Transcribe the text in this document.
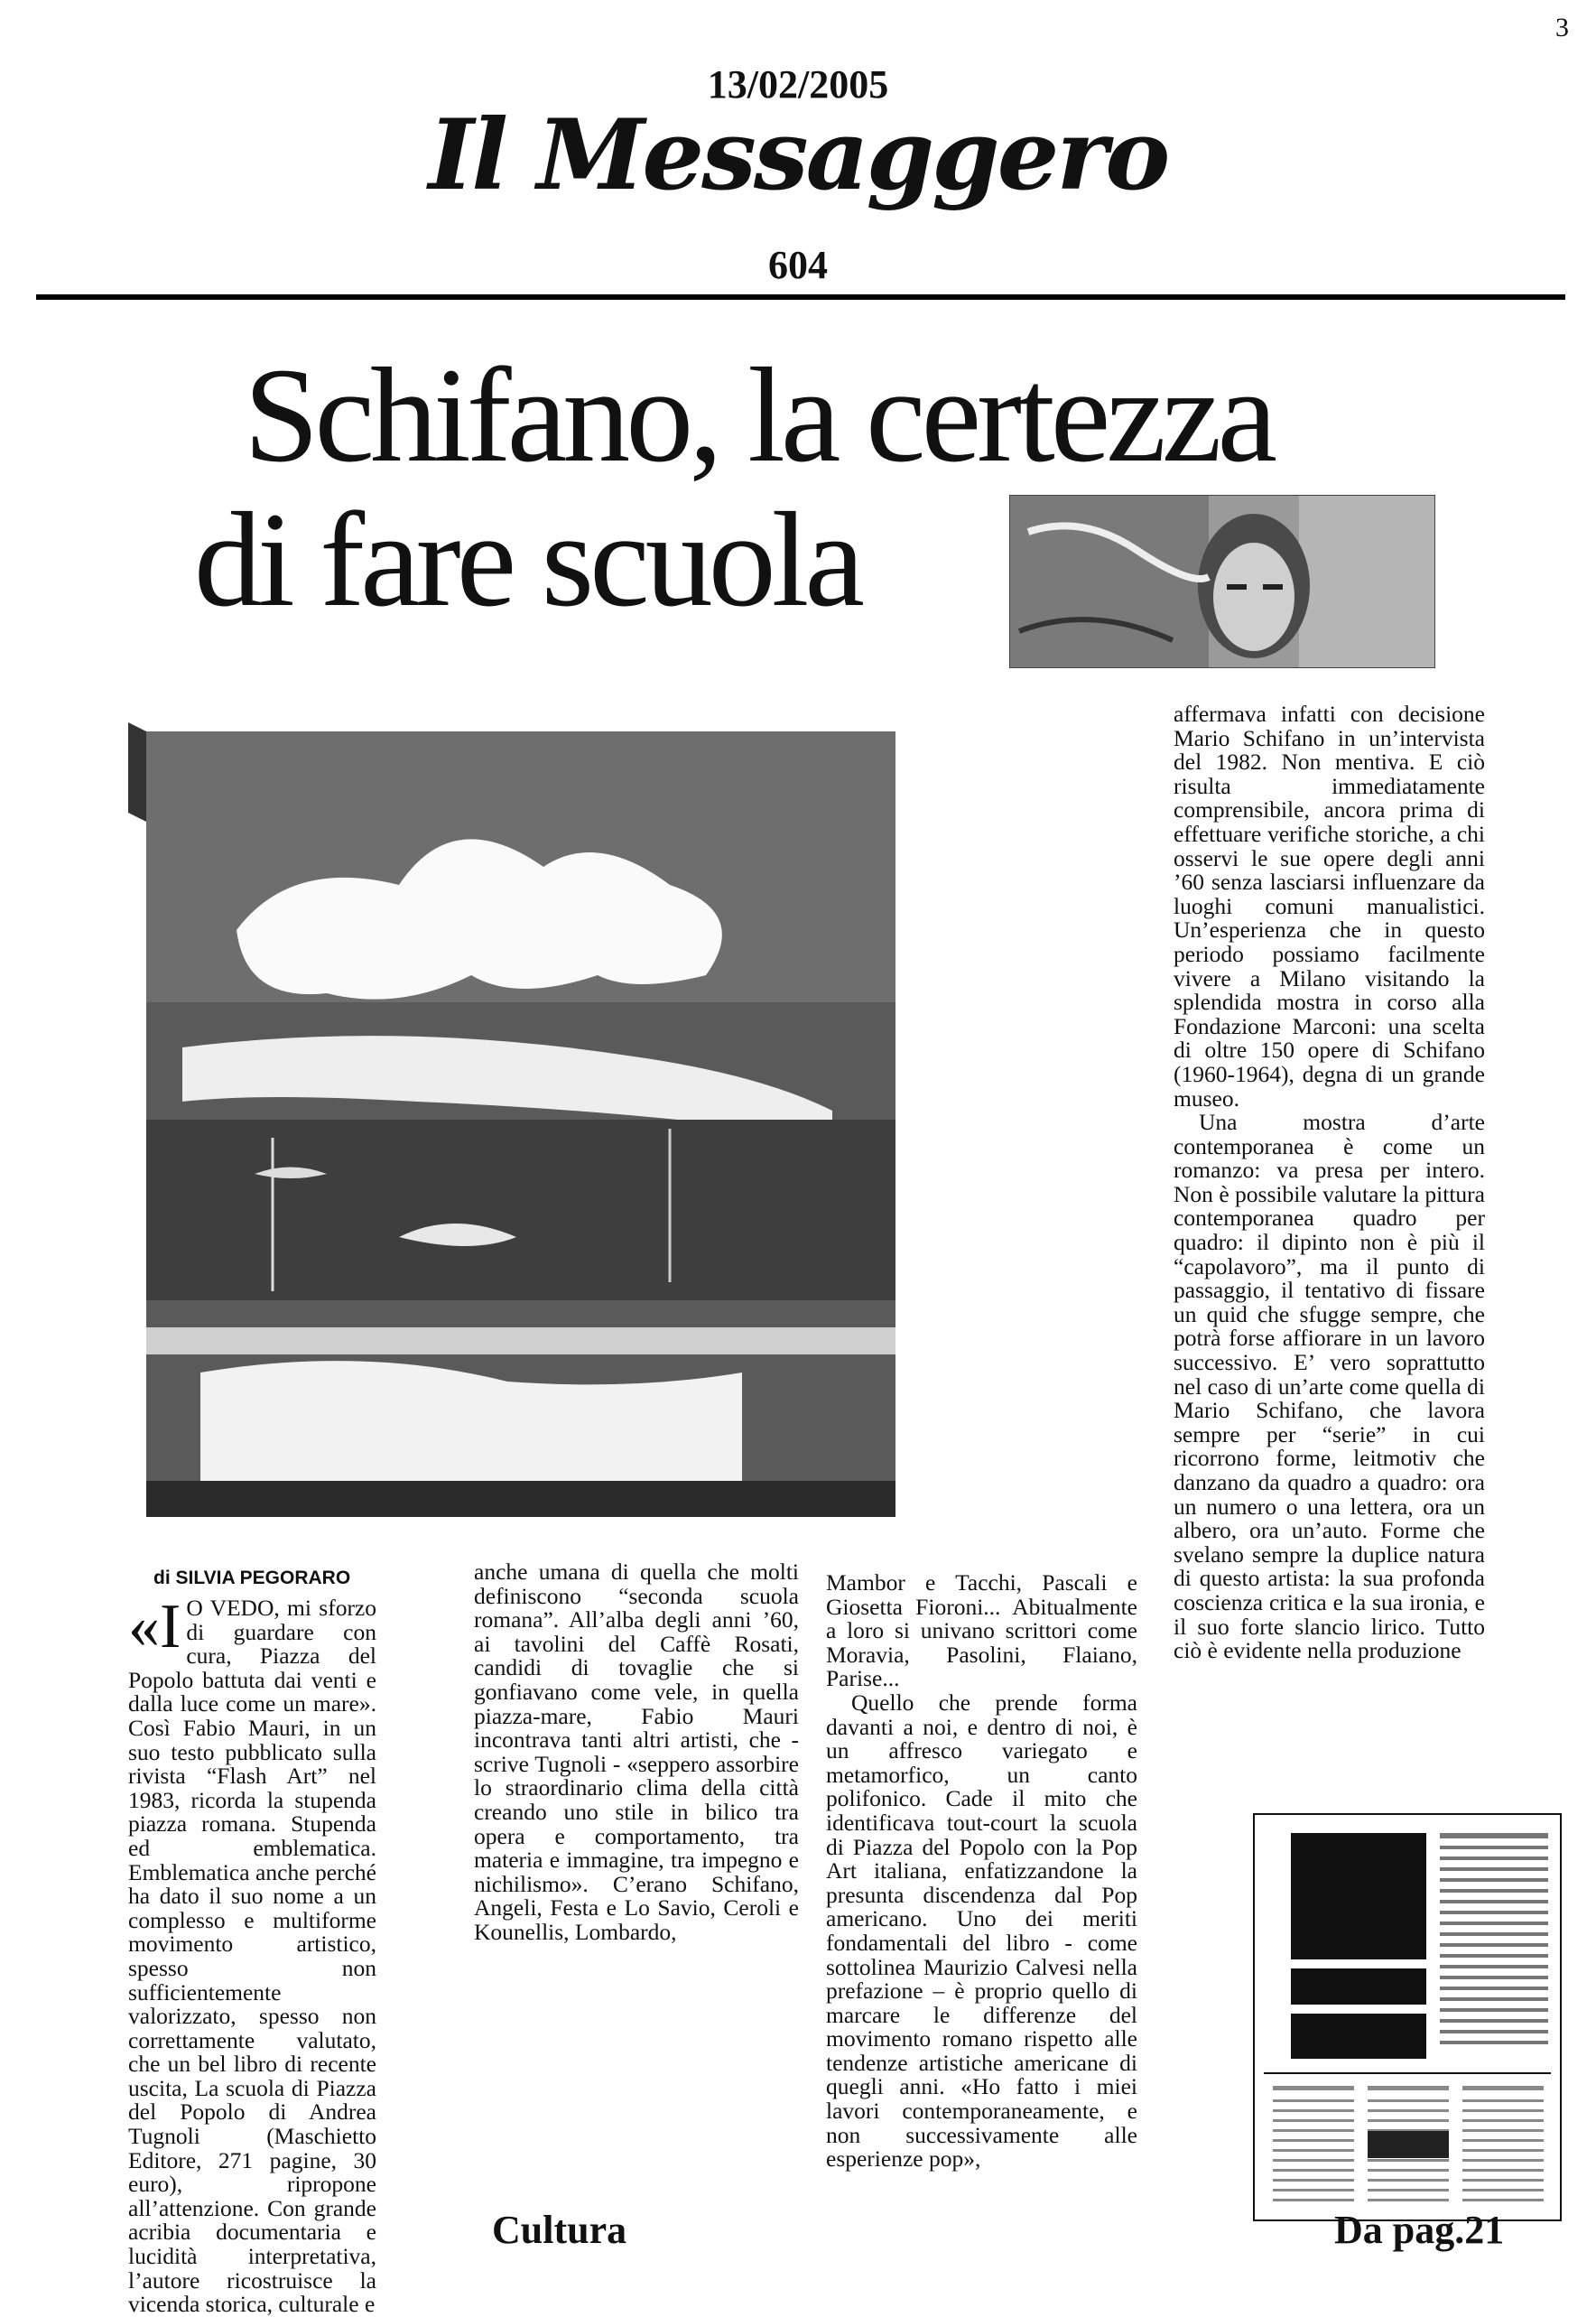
3
13/02/2005
Il Messaggero
604
Schifano, la certezza
di fare scuola
di SILVIA PEGORARO

«I O VEDO, mi sforzo di guardare con cura, Piazza del Popolo battuta dai venti e dalla luce come un mare». Così Fabio Mauri, in un suo testo pubblicato sulla rivista “Flash Art” nel 1983, ricorda la stupenda piazza romana. Stupenda ed emblematica. Emblematica anche perché ha dato il suo nome a un complesso e multiforme movimento artistico, spesso non sufficientemente valorizzato, spesso non correttamente valutato, che un bel libro di recente uscita, La scuola di Piazza del Popolo di Andrea Tugnoli (Maschietto Editore, 271 pagine, 30 euro), ripropone all’attenzione. Con grande acribia documentaria e lucidità interpretativa, l’autore ricostruisce la vicenda storica, culturale e

anche umana di quella che molti definiscono “seconda scuola romana”. All’alba degli anni ’60, ai tavolini del Caffè Rosati, candidi di tovaglie che si gonfiavano come vele, in quella piazza-mare, Fabio Mauri incontrava tanti altri artisti, che - scrive Tugnoli - «seppero assorbire lo straordinario clima della città creando uno stile in bilico tra opera e comportamento, tra materia e immagine, tra impegno e nichilismo». C’erano Schifano, Angeli, Festa e Lo Savio, Ceroli e Kounellis, Lombardo,

Mambor e Tacchi, Pascali e Giosetta Fioroni... Abitualmente a loro si univano scrittori come Moravia, Pasolini, Flaiano, Parise...

Quello che prende forma davanti a noi, e dentro di noi, è un affresco variegato e metamorfico, un canto polifonico. Cade il mito che identificava tout-court la scuola di Piazza del Popolo con la Pop Art italiana, enfatizzandone la presunta discendenza dal Pop americano. Uno dei meriti fondamentali del libro - come sottolinea Maurizio Calvesi nella prefazione – è proprio quello di marcare le differenze del movimento romano rispetto alle tendenze artistiche americane di quegli anni. «Ho fatto i miei lavori contemporaneamente, e non successivamente alle esperienze pop»,

affermava infatti con decisione Mario Schifano in un’intervista del 1982. Non mentiva. E ciò risulta immediatamente comprensibile, ancora prima di effettuare verifiche storiche, a chi osservi le sue opere degli anni ’60 senza lasciarsi influenzare da luoghi comuni manualistici. Un’esperienza che in questo periodo possiamo facilmente vivere a Milano visitando la splendida mostra in corso alla Fondazione Marconi: una scelta di oltre 150 opere di Schifano (1960-1964), degna di un grande museo.

Una mostra d’arte contemporanea è come un romanzo: va presa per intero. Non è possibile valutare la pittura contemporanea quadro per quadro: il dipinto non è più il “capolavoro”, ma il punto di passaggio, il tentativo di fissare un quid che sfugge sempre, che potrà forse affiorare in un lavoro successivo. E’ vero soprattutto nel caso di un’arte come quella di Mario Schifano, che lavora sempre per “serie” in cui ricorrono forme, leitmotiv che danzano da quadro a quadro: ora un numero o una lettera, ora un albero, ora un’auto. Forme che svelano sempre la duplice natura di questo artista: la sua profonda coscienza critica e la sua ironia, e il suo forte slancio lirico. Tutto ciò è evidente nella produzione

Cultura	Da pag.21
